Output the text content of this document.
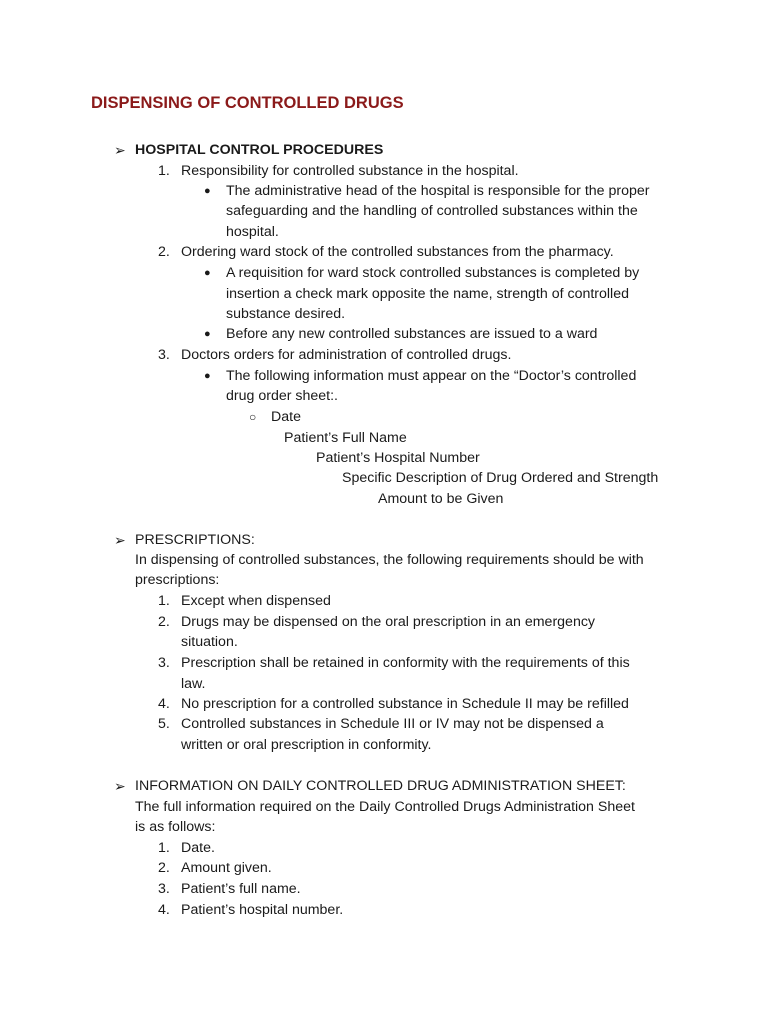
DISPENSING OF CONTROLLED DRUGS
➢ HOSPITAL CONTROL PROCEDURES
1. Responsibility for controlled substance in the hospital.
● The administrative head of the hospital is responsible for the proper
safeguarding and the handling of controlled substances within the
hospital.
2. Ordering ward stock of the controlled substances from the pharmacy.
● A requisition for ward stock controlled substances is completed by
insertion a check mark opposite the name, strength of controlled
substance desired.
● Before any new controlled substances are issued to a ward
3. Doctors orders for administration of controlled drugs.
● The following information must appear on the “Doctor’s controlled
drug order sheet:.
○ Date
Patient’s Full Name
Patient’s Hospital Number
Specific Description of Drug Ordered and Strength
Amount to be Given
➢ PRESCRIPTIONS:
In dispensing of controlled substances, the following requirements should be with
prescriptions:
1. Except when dispensed
2. Drugs may be dispensed on the oral prescription in an emergency
situation.
3. Prescription shall be retained in conformity with the requirements of this
law.
4. No prescription for a controlled substance in Schedule II may be refilled
5. Controlled substances in Schedule III or IV may not be dispensed a
written or oral prescription in conformity.
➢ INFORMATION ON DAILY CONTROLLED DRUG ADMINISTRATION SHEET:
The full information required on the Daily Controlled Drugs Administration Sheet
is as follows:
1. Date.
2. Amount given.
3. Patient’s full name.
4. Patient’s hospital number.
